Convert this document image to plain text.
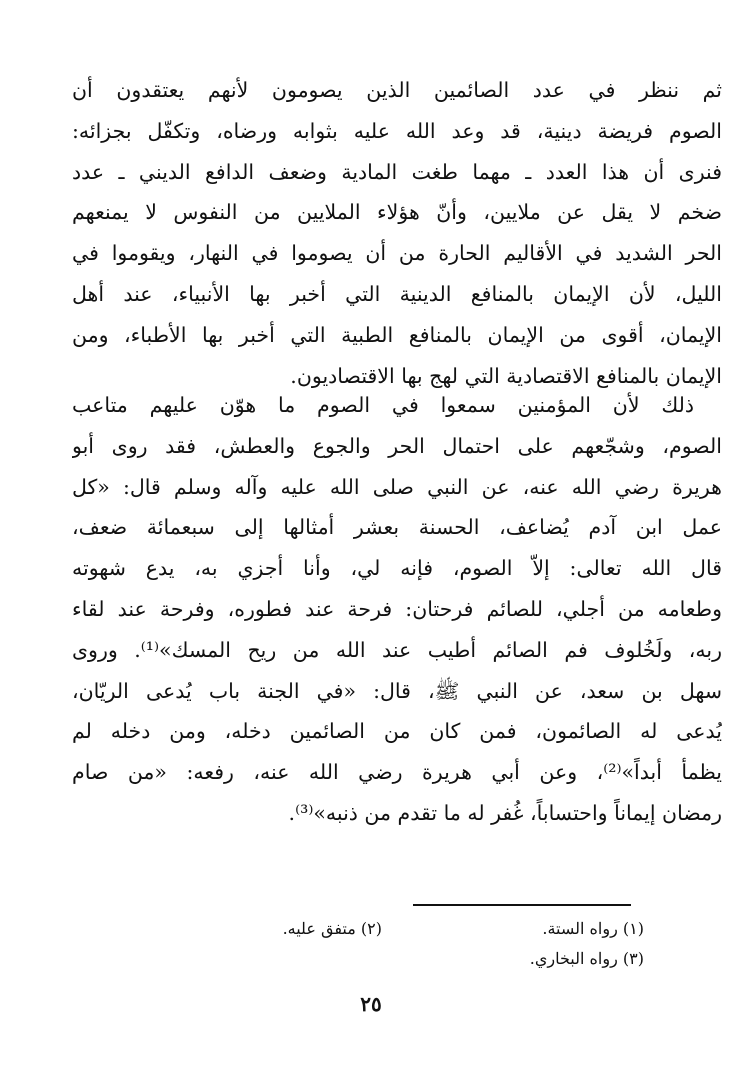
ثم ننظر في عدد الصائمين الذين يصومون لأنهم يعتقدون أن
الصوم فريضة دينية، قد وعد الله عليه بثوابه ورضاه، وتكفّل بجزائه:
فنرى أن هذا العدد ـ مهما طغت المادية وضعف الدافع الديني ـ عدد
ضخم لا يقل عن ملايين، وأنّ هؤلاء الملايين من النفوس لا يمنعهم
الحر الشديد في الأقاليم الحارة من أن يصوموا في النهار، ويقوموا في
الليل، لأن الإيمان بالمنافع الدينية التي أخبر بها الأنبياء، عند أهل
الإيمان، أقوى من الإيمان بالمنافع الطبية التي أخبر بها الأطباء، ومن
الإيمان بالمنافع الاقتصادية التي لهج بها الاقتصاديون.
ذلك لأن المؤمنين سمعوا في الصوم ما هوّن عليهم متاعب
الصوم، وشجّعهم على احتمال الحر والجوع والعطش، فقد روى أبو
هريرة رضي الله عنه، عن النبي صلى الله عليه وآله وسلم قال: «كل
عمل ابن آدم يُضاعف، الحسنة بعشر أمثالها إلى سبعمائة ضعف،
قال الله تعالى: إلاّ الصوم، فإنه لي، وأنا أجزي به، يدع شهوته
وطعامه من أجلي، للصائم فرحتان: فرحة عند فطوره، وفرحة عند لقاء
ربه، ولَخُلوف فم الصائم أطيب عند الله من ريح المسك»⁽¹⁾. وروى
سهل بن سعد، عن النبي ﷺ، قال: «في الجنة باب يُدعى الريّان،
يُدعى له الصائمون، فمن كان من الصائمين دخله، ومن دخله لم
يظمأ أبداً»⁽²⁾، وعن أبي هريرة رضي الله عنه، رفعه: «من صام
رمضان إيماناً واحتساباً، غُفر له ما تقدم من ذنبه»⁽³⁾.
(١) رواه الستة.
(٢) متفق عليه.
(٣) رواه البخاري.
٢٥
